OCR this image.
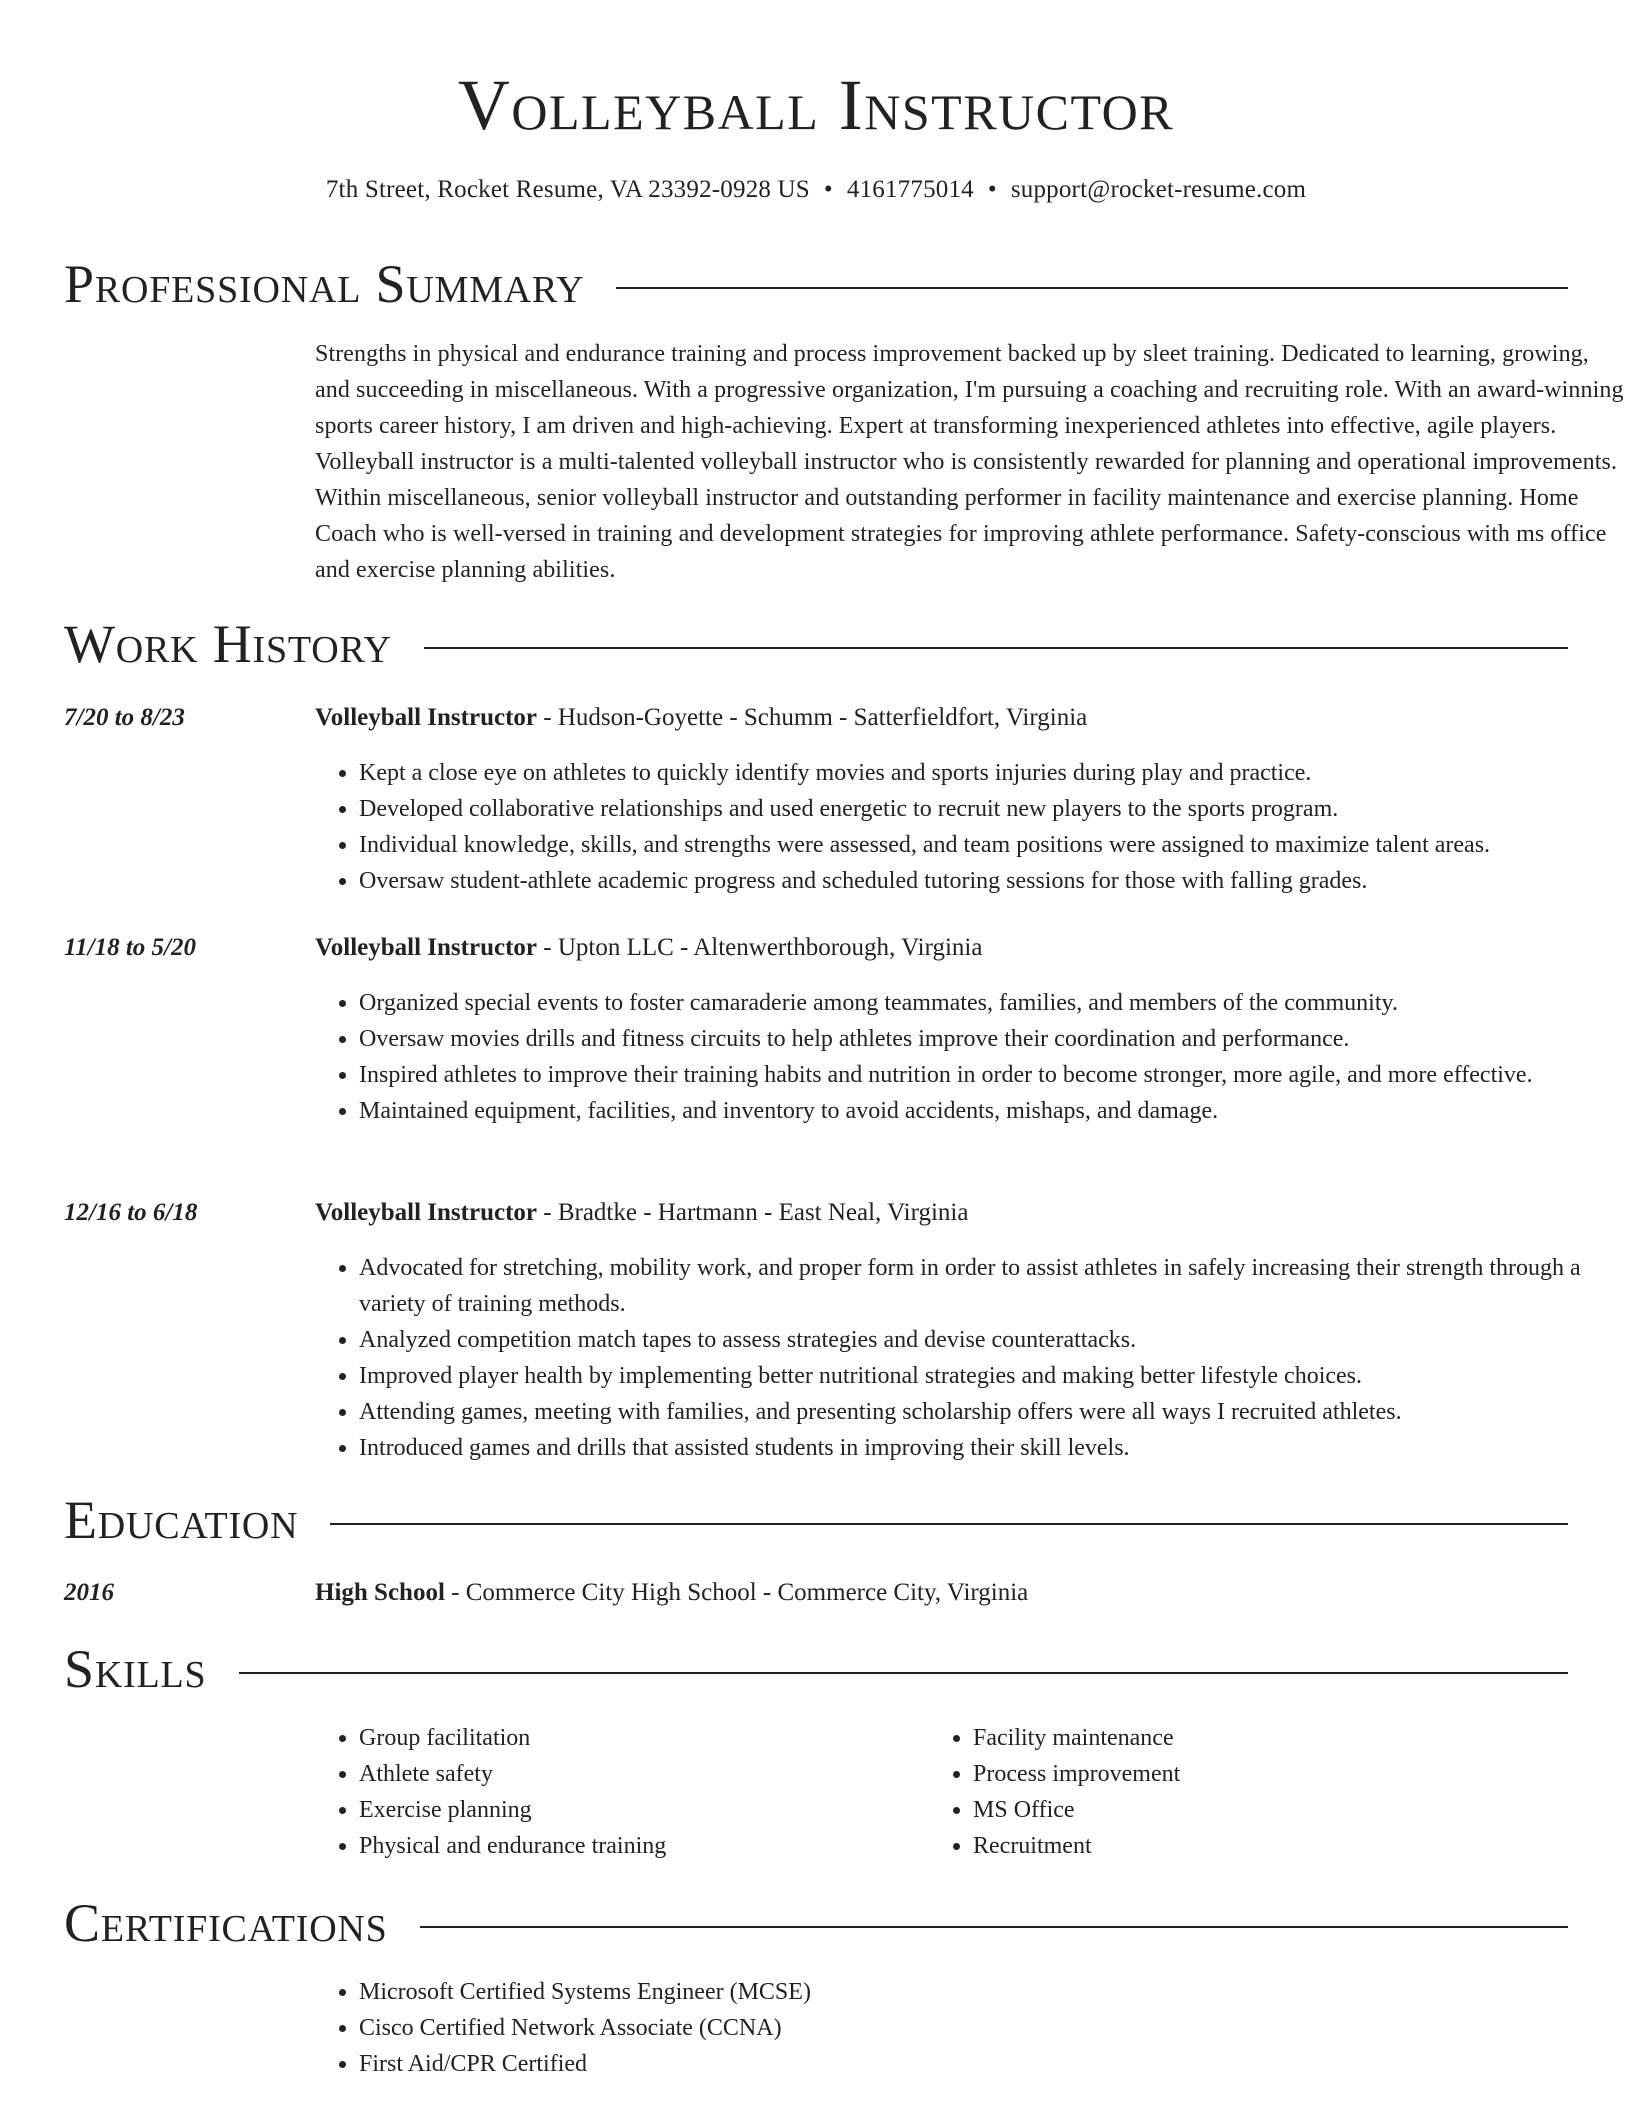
Volleyball Instructor
7th Street, Rocket Resume, VA 23392-0928 US • 4161775014 • support@rocket-resume.com
Professional Summary
Strengths in physical and endurance training and process improvement backed up by sleet training. Dedicated to learning, growing, and succeeding in miscellaneous. With a progressive organization, I'm pursuing a coaching and recruiting role. With an award-winning sports career history, I am driven and high-achieving. Expert at transforming inexperienced athletes into effective, agile players. Volleyball instructor is a multi-talented volleyball instructor who is consistently rewarded for planning and operational improvements. Within miscellaneous, senior volleyball instructor and outstanding performer in facility maintenance and exercise planning. Home Coach who is well-versed in training and development strategies for improving athlete performance. Safety-conscious with ms office and exercise planning abilities.
Work History
7/20 to 8/23	Volleyball Instructor - Hudson-Goyette - Schumm - Satterfieldfort, Virginia
• Kept a close eye on athletes to quickly identify movies and sports injuries during play and practice.
• Developed collaborative relationships and used energetic to recruit new players to the sports program.
• Individual knowledge, skills, and strengths were assessed, and team positions were assigned to maximize talent areas.
• Oversaw student-athlete academic progress and scheduled tutoring sessions for those with falling grades.
11/18 to 5/20	Volleyball Instructor - Upton LLC - Altenwerthborough, Virginia
• Organized special events to foster camaraderie among teammates, families, and members of the community.
• Oversaw movies drills and fitness circuits to help athletes improve their coordination and performance.
• Inspired athletes to improve their training habits and nutrition in order to become stronger, more agile, and more effective.
• Maintained equipment, facilities, and inventory to avoid accidents, mishaps, and damage.
12/16 to 6/18	Volleyball Instructor - Bradtke - Hartmann - East Neal, Virginia
• Advocated for stretching, mobility work, and proper form in order to assist athletes in safely increasing their strength through a variety of training methods.
• Analyzed competition match tapes to assess strategies and devise counterattacks.
• Improved player health by implementing better nutritional strategies and making better lifestyle choices.
• Attending games, meeting with families, and presenting scholarship offers were all ways I recruited athletes.
• Introduced games and drills that assisted students in improving their skill levels.
Education
2016	High School - Commerce City High School - Commerce City, Virginia
Skills
• Group facilitation
• Athlete safety
• Exercise planning
• Physical and endurance training
• Facility maintenance
• Process improvement
• MS Office
• Recruitment
Certifications
• Microsoft Certified Systems Engineer (MCSE)
• Cisco Certified Network Associate (CCNA)
• First Aid/CPR Certified
